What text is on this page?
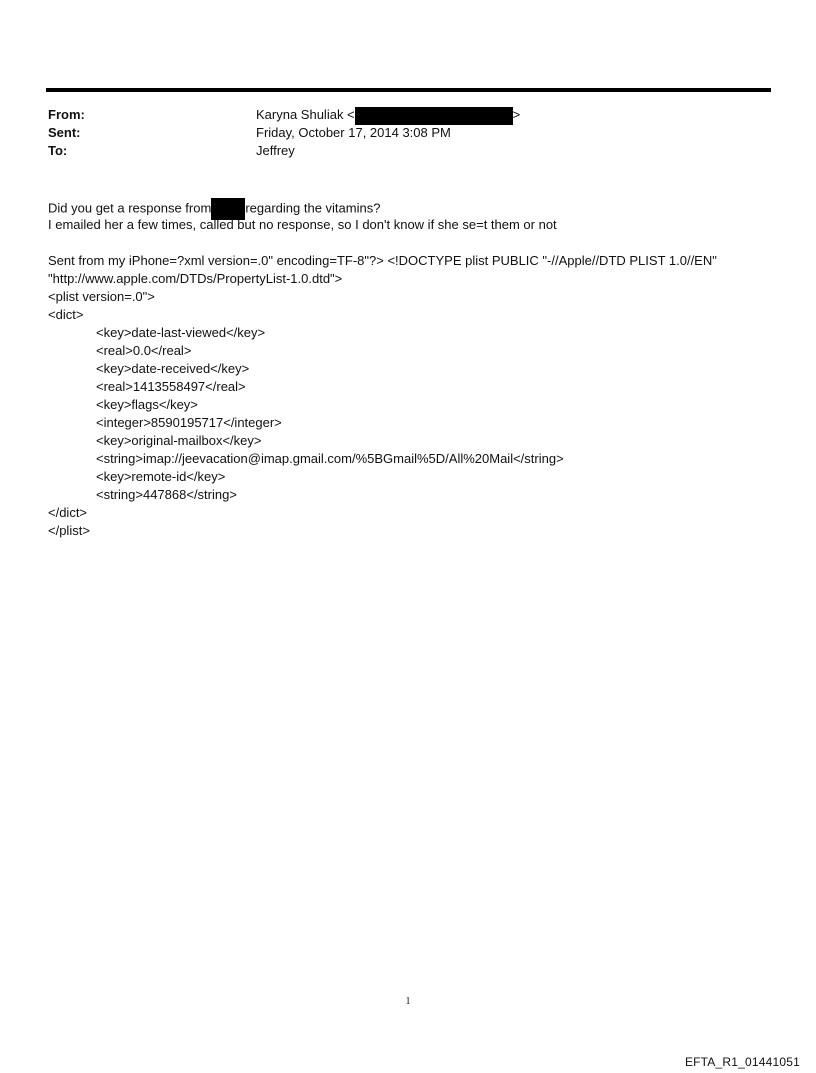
From:	Karyna Shuliak <	>
Sent:	Friday, October 17, 2014 3:08 PM
To:	Jeffrey
Did you get a response from	regarding the vitamins?
I emailed her a few times, called but no response, so I don't know if she se=t them or not
Sent from my iPhone=?xml version=.0" encoding=TF-8"?> <!DOCTYPE plist PUBLIC "-//Apple//DTD PLIST 1.0//EN"
"http://www.apple.com/DTDs/PropertyList-1.0.dtd">
<plist version=.0">
<dict>
<key>date-last-viewed</key>
<real>0.0</real>
<key>date-received</key>
<real>1413558497</real>
<key>flags</key>
<integer>8590195717</integer>
<key>original-mailbox</key>
<string>imap://jeevacation@imap.gmail.com/%5BGmail%5D/All%20Mail</string>
<key>remote-id</key>
<string>447868</string>
</dict>
</plist>
1
EFTA_R1_01441051
